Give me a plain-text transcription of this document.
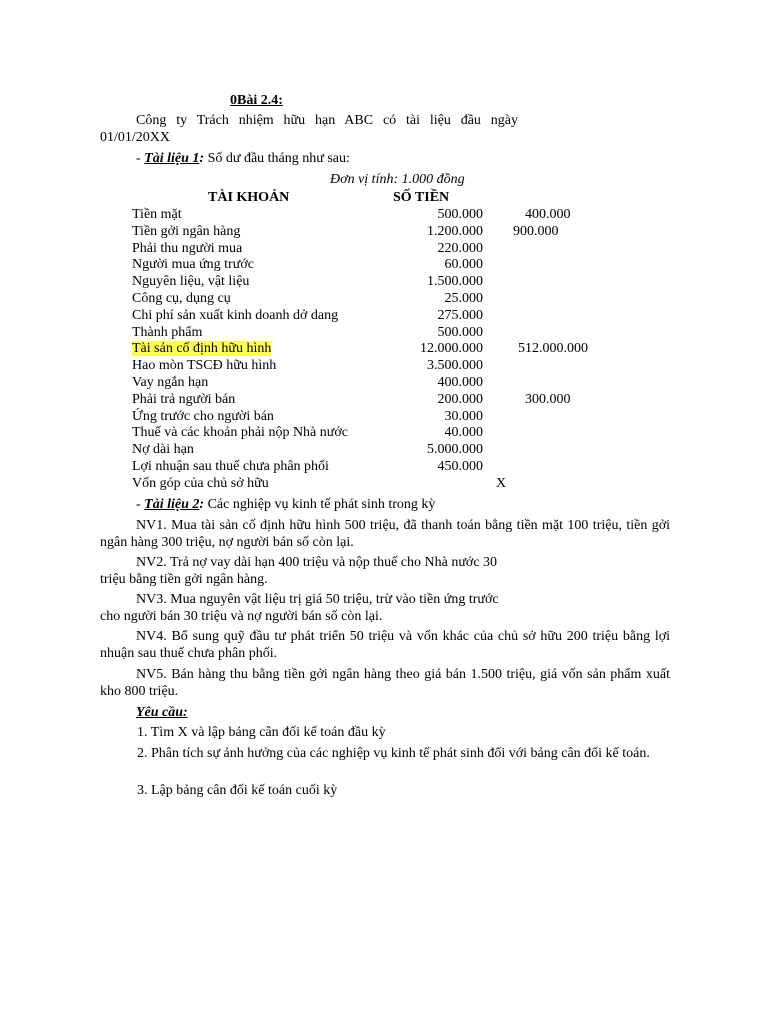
0Bài 2.4:
Công ty Trách nhiệm hữu hạn ABC có tài liệu đầu ngày 01/01/20XX
- Tài liệu 1: Số dư đầu tháng như sau:
Đơn vị tính: 1.000 đồng
TÀI KHOẢN	SỐ TIỀN
Tiền mặt	500.000	400.000
Tiền gởi ngân hàng	1.200.000 900.000
Phải thu người mua	220.000
Người mua ứng trước	60.000
Nguyên liệu, vật liệu	1.500.000
Công cụ, dụng cụ	25.000
Chi phí sản xuất kinh doanh dở dang	275.000
Thành phẩm	500.000
Tài sản cố định hữu hình	12.000.000	512.000.000
Hao mòn TSCĐ hữu hình	3.500.000
Vay ngắn hạn	400.000
Phải trả người bán	200.000	300.000
Ứng trước cho người bán	30.000
Thuế và các khoản phải nộp Nhà nước	40.000
Nợ dài hạn	5.000.000
Lợi nhuận sau thuế chưa phân phối	450.000
Vốn góp của chủ sở hữu	X
- Tài liệu 2: Các nghiệp vụ kinh tế phát sinh trong kỳ
NV1. Mua tài sản cố định hữu hình 500 triệu, đã thanh toán bằng tiền mặt 100 triệu, tiền gởi ngân hàng 300 triệu, nợ người bán số còn lại.
NV2. Trả nợ vay dài hạn 400 triệu và nộp thuế cho Nhà nước 30 triệu bằng tiền gởi ngân hàng.
NV3. Mua nguyên vật liệu trị giá 50 triệu, trừ vào tiền ứng trước cho người bán 30 triệu và nợ người bán số còn lại.
NV4. Bổ sung quỹ đầu tư phát triển 50 triệu và vốn khác của chủ sở hữu 200 triệu bằng lợi nhuận sau thuế chưa phân phối.
NV5. Bán hàng thu bằng tiền gởi ngân hàng theo giá bán 1.500 triệu, giá vốn sản phẩm xuất kho 800 triệu.
Yêu cầu:
1. Tìm X và lập bảng cân đối kế toán đầu kỳ
2. Phân tích sự ảnh hưởng của các nghiệp vụ kinh tế phát sinh đối với bảng cân đối kế toán.
3. Lập bảng cân đối kế toán cuối kỳ
